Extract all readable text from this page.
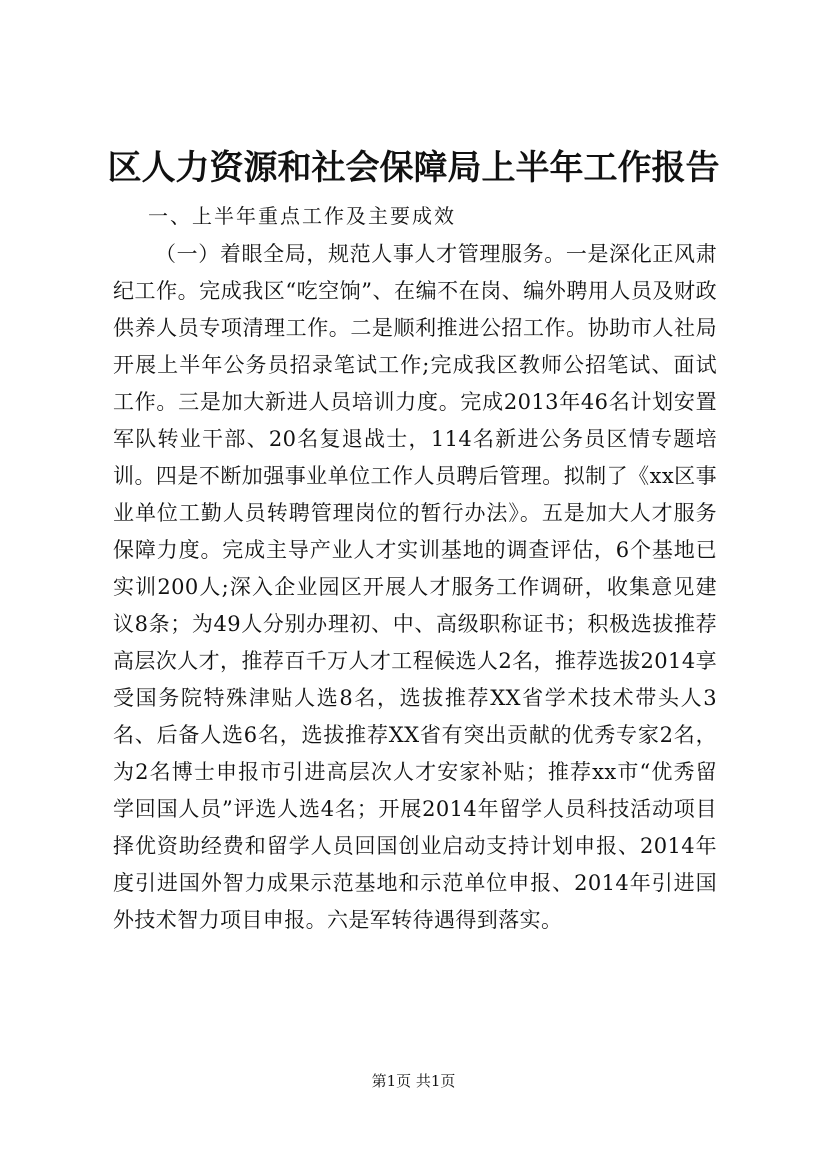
区人力资源和社会保障局上半年工作报告
一、上半年重点工作及主要成效

（一）着眼全局，规范人事人才管理服务。一是深化正风肃纪工作。完成我区“吃空饷”、在编不在岗、编外聘用人员及财政供养人员专项清理工作。二是顺利推进公招工作。协助市人社局开展上半年公务员招录笔试工作;完成我区教师公招笔试、面试工作。三是加大新进人员培训力度。完成2013年46名计划安置军队转业干部、20名复退战士，114名新进公务员区情专题培训。四是不断加强事业单位工作人员聘后管理。拟制了《xx区事业单位工勤人员转聘管理岗位的暂行办法》。五是加大人才服务保障力度。完成主导产业人才实训基地的调查评估，6个基地已实训200人;深入企业园区开展人才服务工作调研，收集意见建议8条；为49人分别办理初、中、高级职称证书；积极选拔推荐高层次人才，推荐百千万人才工程候选人2名，推荐选拔2014享受国务院特殊津贴人选8名，选拔推荐XX省学术技术带头人3名、后备人选6名，选拔推荐XX省有突出贡献的优秀专家2名，为2名博士申报市引进高层次人才安家补贴；推荐xx市“优秀留学回国人员”评选人选4名；开展2014年留学人员科技活动项目择优资助经费和留学人员回国创业启动支持计划申报、2014年度引进国外智力成果示范基地和示范单位申报、2014年引进国外技术智力项目申报。六是军转待遇得到落实。

第1页 共1页
